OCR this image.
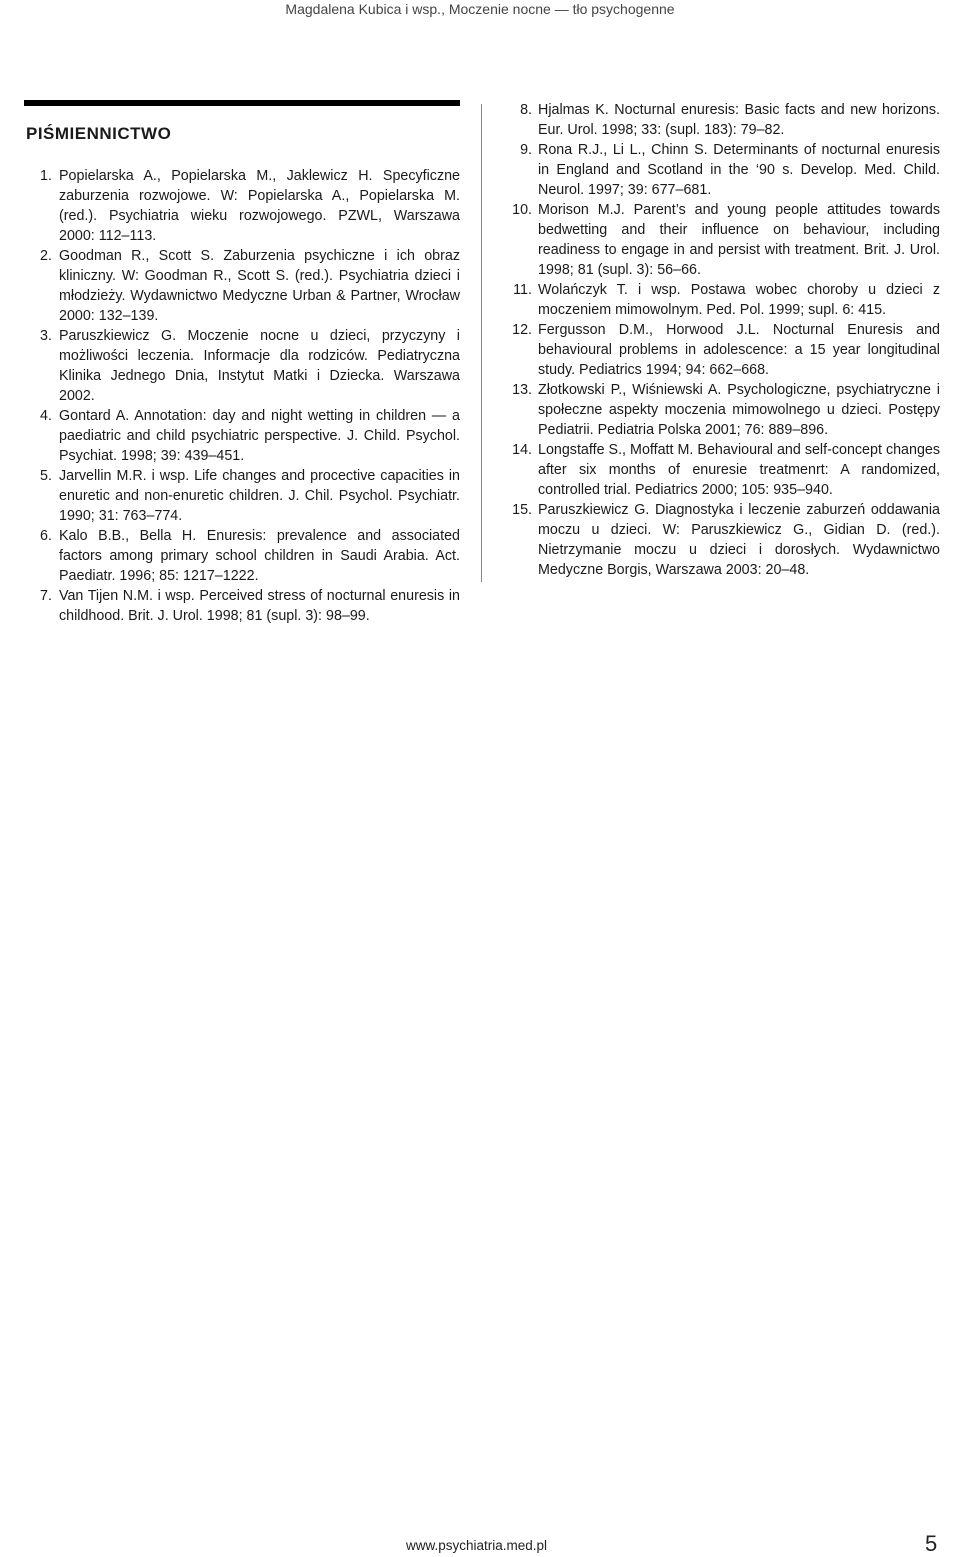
Magdalena Kubica i wsp., Moczenie nocne — tło psychogenne
PIŚMIENNICTWO
1. Popielarska A., Popielarska M., Jaklewicz H. Specyficzne zaburzenia rozwojowe. W: Popielarska A., Popielarska M. (red.). Psychiatria wieku rozwojowego. PZWL, Warszawa 2000: 112–113.
2. Goodman R., Scott S. Zaburzenia psychiczne i ich obraz kliniczny. W: Goodman R., Scott S. (red.). Psychiatria dzieci i młodzieży. Wydawnictwo Medyczne Urban & Partner, Wrocław 2000: 132–139.
3. Paruszkiewicz G. Moczenie nocne u dzieci, przyczyny i możliwości leczenia. Informacje dla rodziców. Pediatryczna Klinika Jednego Dnia, Instytut Matki i Dziecka. Warszawa 2002.
4. Gontard A. Annotation: day and night wetting in children — a paediatric and child psychiatric perspective. J. Child. Psychol. Psychiat. 1998; 39: 439–451.
5. Jarvellin M.R. i wsp. Life changes and procective capacities in enuretic and non-enuretic children. J. Chil. Psychol. Psychiatr. 1990; 31: 763–774.
6. Kalo B.B., Bella H. Enuresis: prevalence and associated factors among primary school children in Saudi Arabia. Act. Paediatr. 1996; 85: 1217–1222.
7. Van Tijen N.M. i wsp. Perceived stress of nocturnal enuresis in childhood. Brit. J. Urol. 1998; 81 (supl. 3): 98–99.
8. Hjalmas K. Nocturnal enuresis: Basic facts and new horizons. Eur. Urol. 1998; 33: (supl. 183): 79–82.
9. Rona R.J., Li L., Chinn S. Determinants of nocturnal enuresis in England and Scotland in the ‘90 s. Develop. Med. Child. Neurol. 1997; 39: 677–681.
10. Morison M.J. Parent’s and young people attitudes towards bedwetting and their influence on behaviour, including readiness to engage in and persist with treatment. Brit. J. Urol. 1998; 81 (supl. 3): 56–66.
11. Wolańczyk T. i wsp. Postawa wobec choroby u dzieci z moczeniem mimowolnym. Ped. Pol. 1999; supl. 6: 415.
12. Fergusson D.M., Horwood J.L. Nocturnal Enuresis and behavioural problems in adolescence: a 15 year longitudinal study. Pediatrics 1994; 94: 662–668.
13. Złotkowski P., Wiśniewski A. Psychologiczne, psychiatryczne i społeczne aspekty moczenia mimowolnego u dzieci. Postępy Pediatrii. Pediatria Polska 2001; 76: 889–896.
14. Longstaffe S., Moffatt M. Behavioural and self-concept changes after six months of enuresie treatmenrt: A randomized, controlled trial. Pediatrics 2000; 105: 935–940.
15. Paruszkiewicz G. Diagnostyka i leczenie zaburzeń oddawania moczu u dzieci. W: Paruszkiewicz G., Gidian D. (red.). Nietrzymanie moczu u dzieci i dorosłych. Wydawnictwo Medyczne Borgis, Warszawa 2003: 20–48.
www.psychiatria.med.pl	5
